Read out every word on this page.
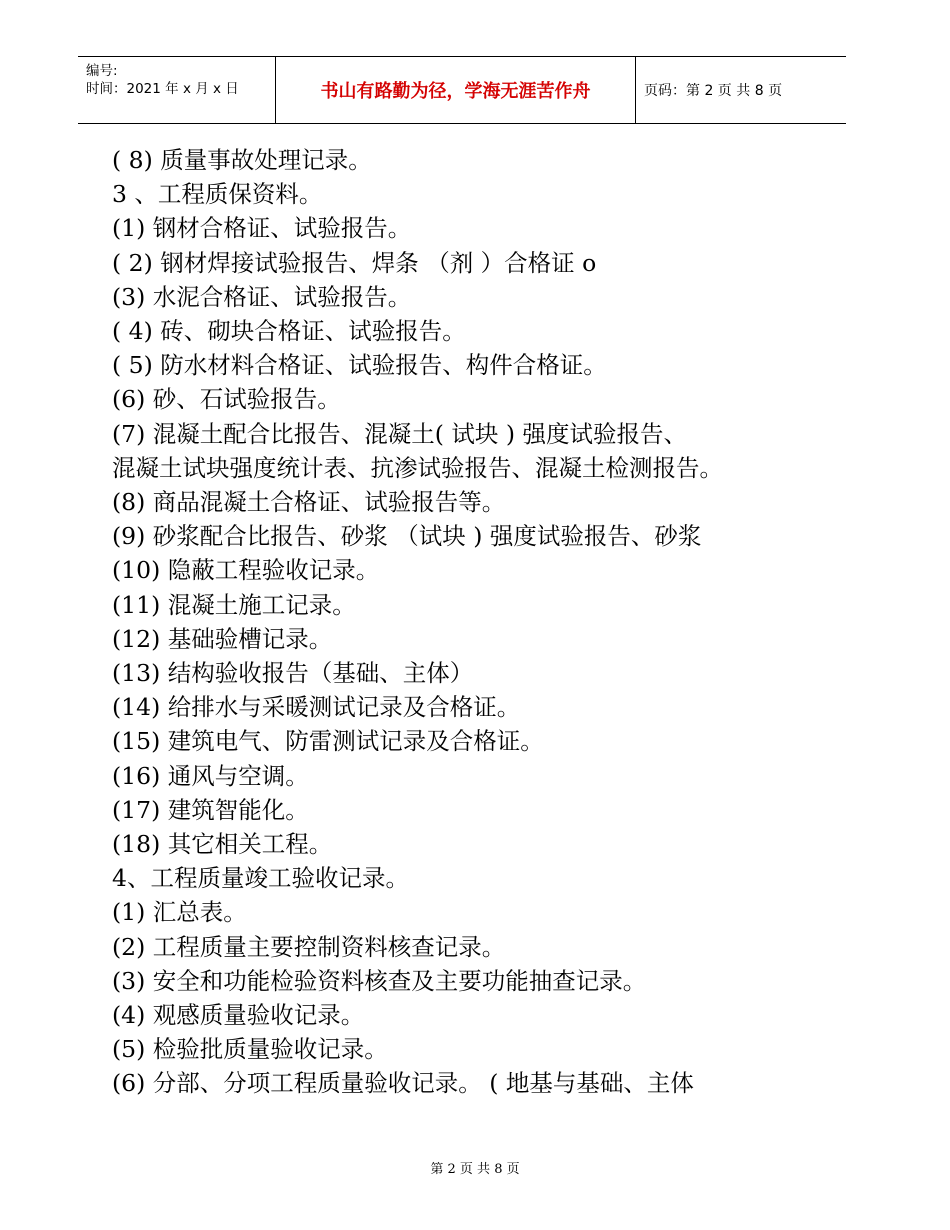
编号:
时间：2021 年 x 月 x 日	书山有路勤为径，学海无涯苦作舟	页码：第 2 页 共 8 页
( 8) 质量事故处理记录。
3 、工程质保资料。
(1) 钢材合格证、试验报告。
( 2) 钢材焊接试验报告、焊条 （剂 ）合格证 o
(3) 水泥合格证、试验报告。
( 4) 砖、砌块合格证、试验报告。
( 5) 防水材料合格证、试验报告、构件合格证。
(6) 砂、石试验报告。
(7) 混凝土配合比报告、混凝土( 试块 ) 强度试验报告、
混凝土试块强度统计表、抗渗试验报告、混凝土检测报告。
(8) 商品混凝土合格证、试验报告等。
(9) 砂浆配合比报告、砂浆 （试块 ) 强度试验报告、砂浆
(10) 隐蔽工程验收记录。
(11) 混凝土施工记录。
(12) 基础验槽记录。
(13) 结构验收报告（基础、主体）
(14) 给排水与采暖测试记录及合格证。
(15) 建筑电气、防雷测试记录及合格证。
(16) 通风与空调。
(17) 建筑智能化。
(18) 其它相关工程。
4、工程质量竣工验收记录。
(1) 汇总表。
(2) 工程质量主要控制资料核查记录。
(3) 安全和功能检验资料核查及主要功能抽查记录。
(4) 观感质量验收记录。
(5) 检验批质量验收记录。
(6) 分部、分项工程质量验收记录。 ( 地基与基础、主体
第 2 页 共 8 页
